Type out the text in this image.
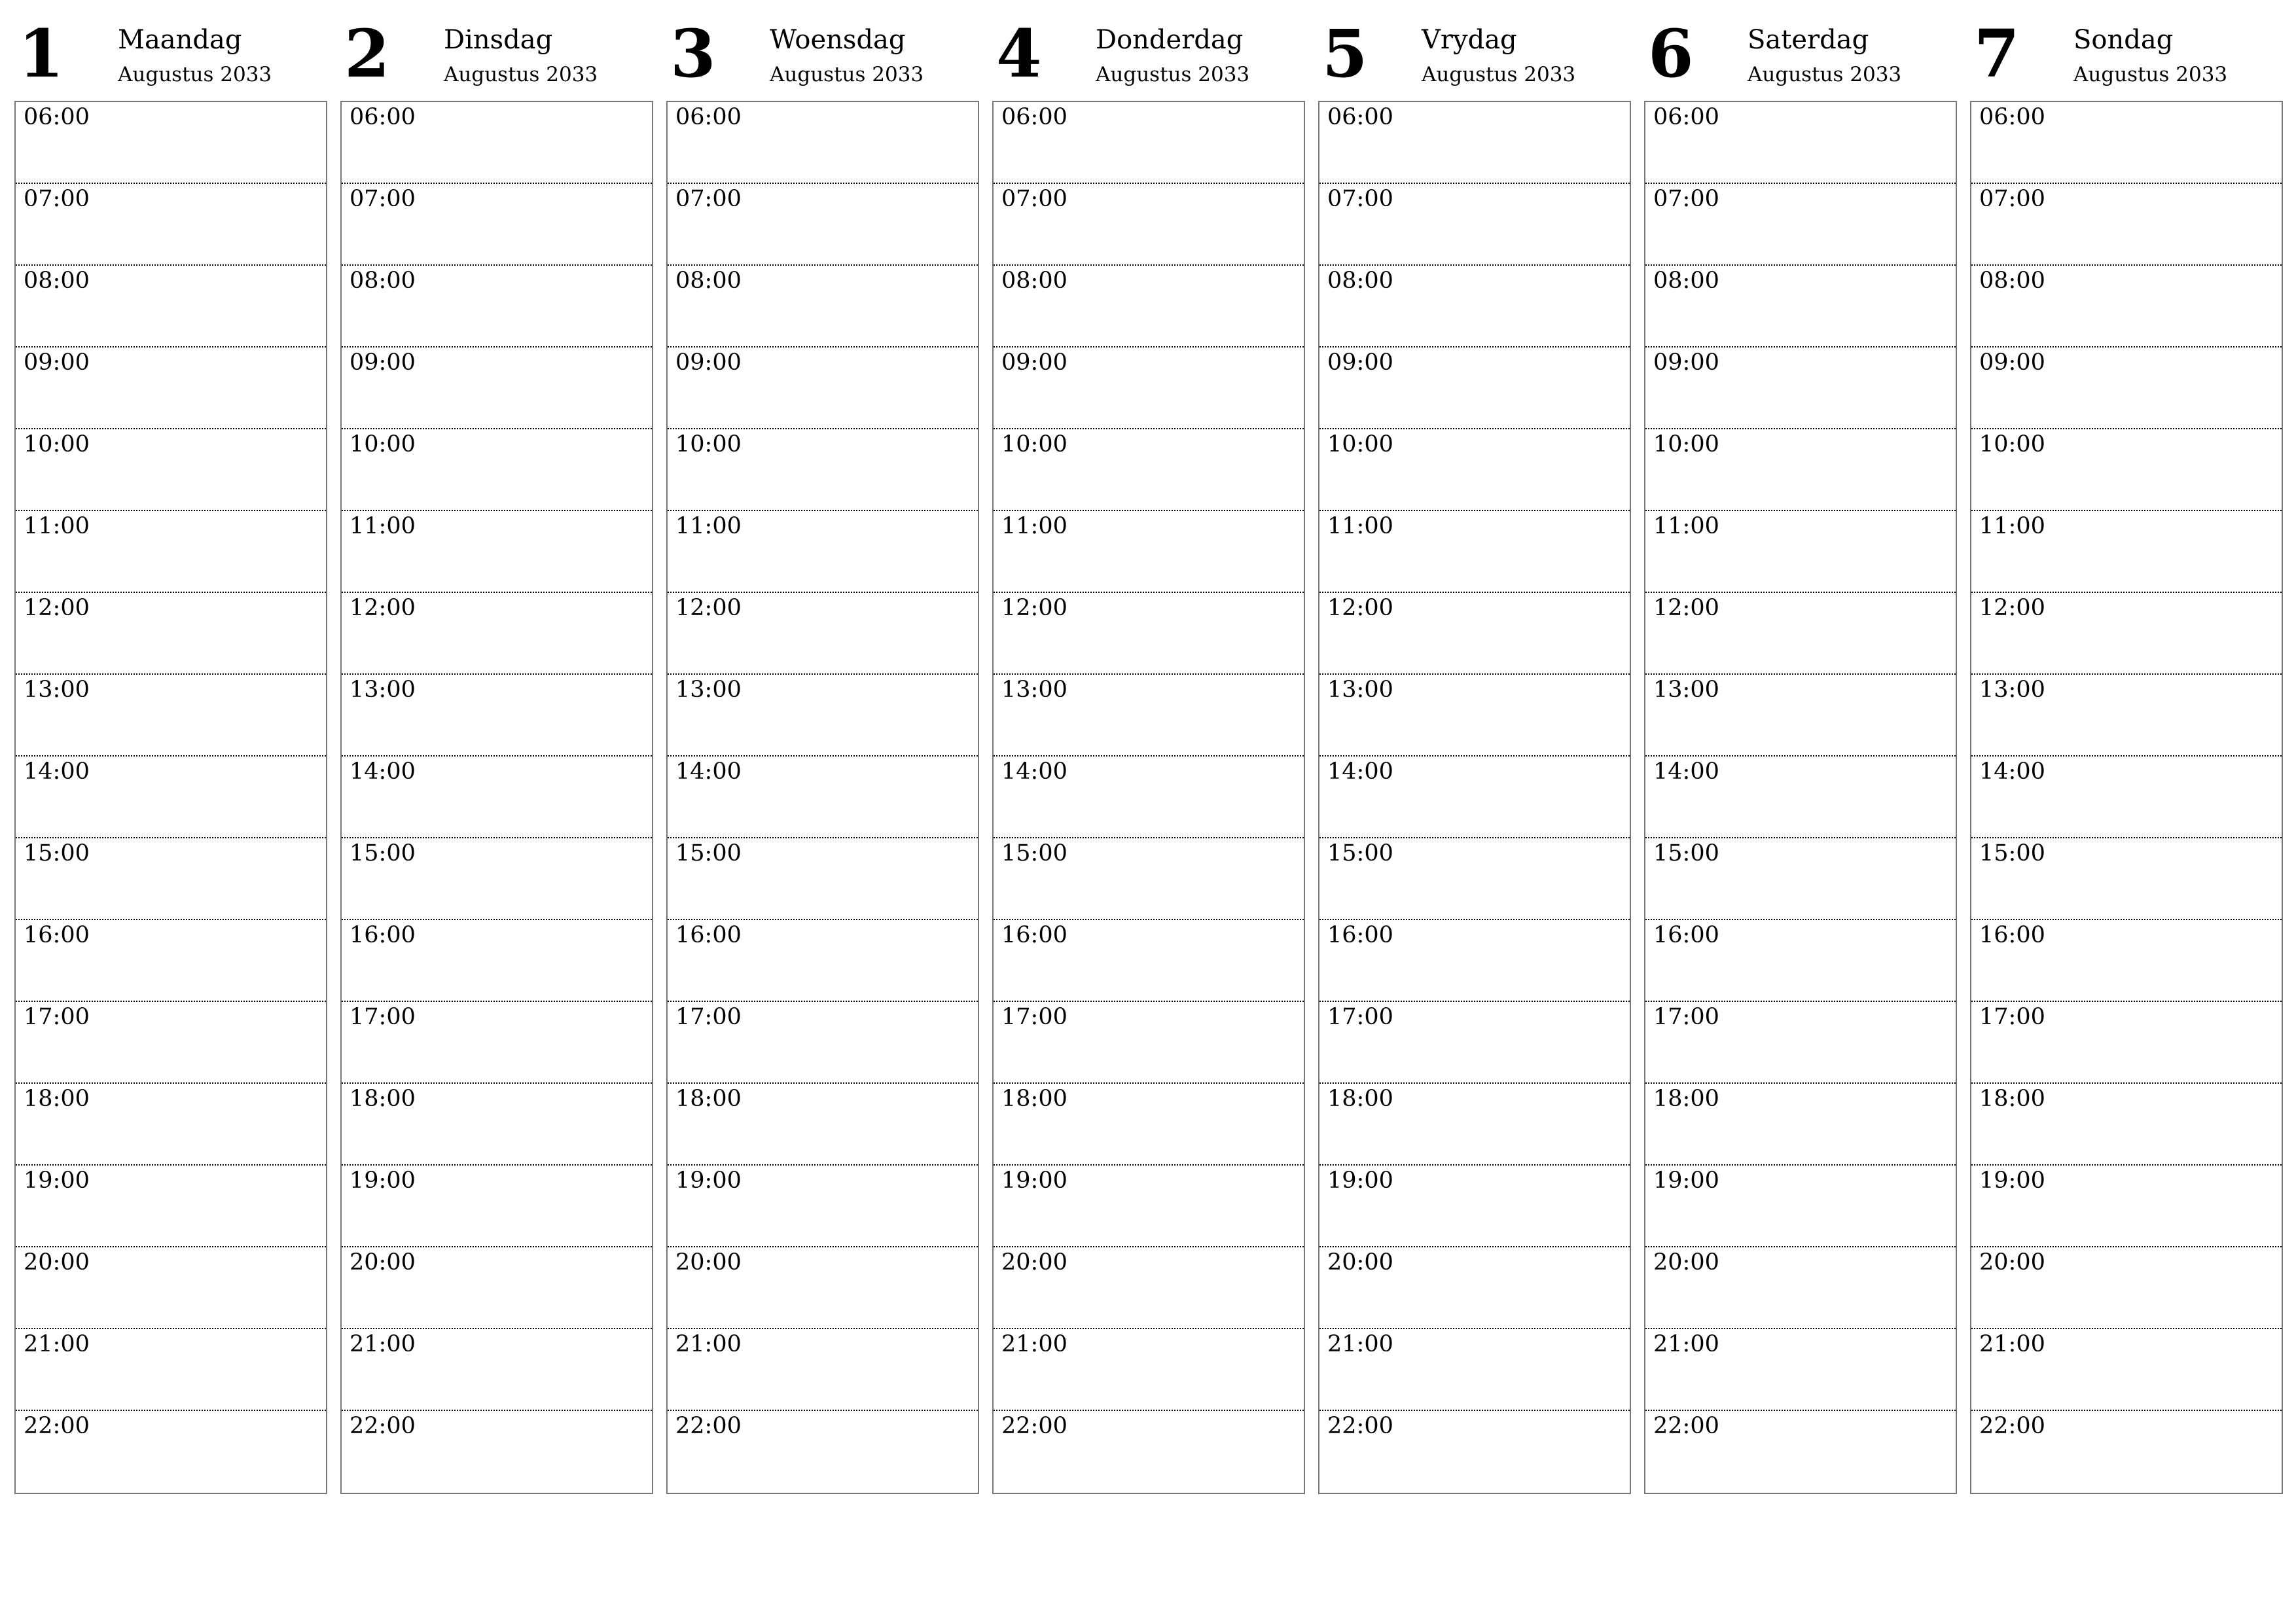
1 Maandag
Augustus 2033
06:00
07:00
08:00
09:00
10:00
11:00
12:00
13:00
14:00
15:00
16:00
17:00
18:00
19:00
20:00
21:00
22:00
2 Dinsdag
Augustus 2033
06:00
07:00
08:00
09:00
10:00
11:00
12:00
13:00
14:00
15:00
16:00
17:00
18:00
19:00
20:00
21:00
22:00
3 Woensdag
Augustus 2033
06:00
07:00
08:00
09:00
10:00
11:00
12:00
13:00
14:00
15:00
16:00
17:00
18:00
19:00
20:00
21:00
22:00
4 Donderdag
Augustus 2033
06:00
07:00
08:00
09:00
10:00
11:00
12:00
13:00
14:00
15:00
16:00
17:00
18:00
19:00
20:00
21:00
22:00
5 Vrydag
Augustus 2033
06:00
07:00
08:00
09:00
10:00
11:00
12:00
13:00
14:00
15:00
16:00
17:00
18:00
19:00
20:00
21:00
22:00
6 Saterdag
Augustus 2033
06:00
07:00
08:00
09:00
10:00
11:00
12:00
13:00
14:00
15:00
16:00
17:00
18:00
19:00
20:00
21:00
22:00
7 Sondag
Augustus 2033
06:00
07:00
08:00
09:00
10:00
11:00
12:00
13:00
14:00
15:00
16:00
17:00
18:00
19:00
20:00
21:00
22:00
